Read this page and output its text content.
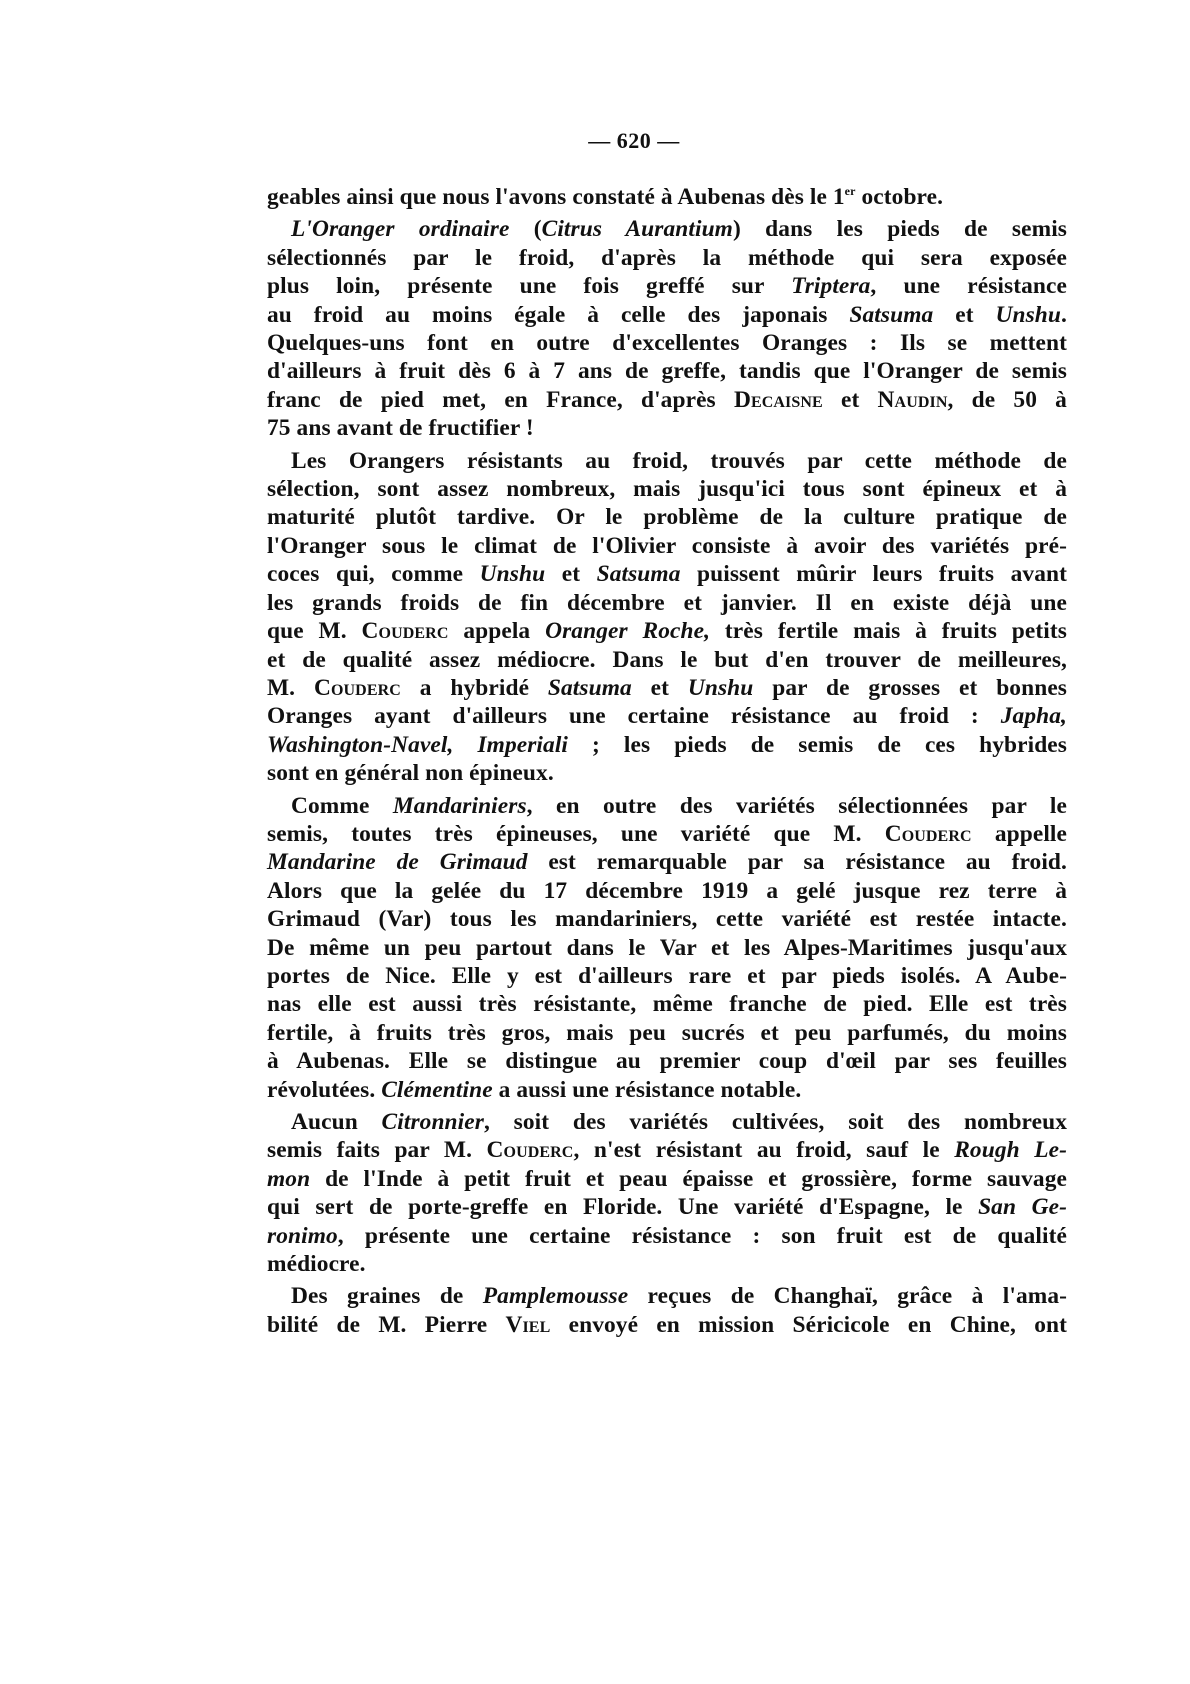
— 620 —
geables ainsi que nous l'avons constaté à Aubenas dès le 1er octobre.
L'Oranger ordinaire (Citrus Aurantium) dans les pieds de semis
sélectionnés par le froid, d'après la méthode qui sera exposée
plus loin, présente une fois greffé sur Triptera, une résistance
au froid au moins égale à celle des japonais Satsuma et Unshu.
Quelques-uns font en outre d'excellentes Oranges : Ils se mettent
d'ailleurs à fruit dès 6 à 7 ans de greffe, tandis que l'Oranger de semis
franc de pied met, en France, d'après Decaisne et Naudin, de 50 à
75 ans avant de fructifier !
Les Orangers résistants au froid, trouvés par cette méthode de
sélection, sont assez nombreux, mais jusqu'ici tous sont épineux et à
maturité plutôt tardive. Or le problème de la culture pratique de
l'Oranger sous le climat de l'Olivier consiste à avoir des variétés pré-
coces qui, comme Unshu et Satsuma puissent mûrir leurs fruits avant
les grands froids de fin décembre et janvier. Il en existe déjà une
que M. Couderc appela Oranger Roche, très fertile mais à fruits petits
et de qualité assez médiocre. Dans le but d'en trouver de meilleures,
M. Couderc a hybridé Satsuma et Unshu par de grosses et bonnes
Oranges ayant d'ailleurs une certaine résistance au froid : Japha,
Washington-Navel, Imperiali ; les pieds de semis de ces hybrides
sont en général non épineux.
Comme Mandariniers, en outre des variétés sélectionnées par le
semis, toutes très épineuses, une variété que M. Couderc appelle
Mandarine de Grimaud est remarquable par sa résistance au froid.
Alors que la gelée du 17 décembre 1919 a gelé jusque rez terre à
Grimaud (Var) tous les mandariniers, cette variété est restée intacte.
De même un peu partout dans le Var et les Alpes-Maritimes jusqu'aux
portes de Nice. Elle y est d'ailleurs rare et par pieds isolés. A Aube-
nas elle est aussi très résistante, même franche de pied. Elle est très
fertile, à fruits très gros, mais peu sucrés et peu parfumés, du moins
à Aubenas. Elle se distingue au premier coup d'œil par ses feuilles
révolutées. Clémentine a aussi une résistance notable.
Aucun Citronnier, soit des variétés cultivées, soit des nombreux
semis faits par M. Couderc, n'est résistant au froid, sauf le Rough Le-
mon de l'Inde à petit fruit et peau épaisse et grossière, forme sauvage
qui sert de porte-greffe en Floride. Une variété d'Espagne, le San Ge-
ronimo, présente une certaine résistance : son fruit est de qualité
médiocre.
Des graines de Pamplemousse reçues de Changhaï, grâce à l'ama-
bilité de M. Pierre Viel envoyé en mission Séricicole en Chine, ont
